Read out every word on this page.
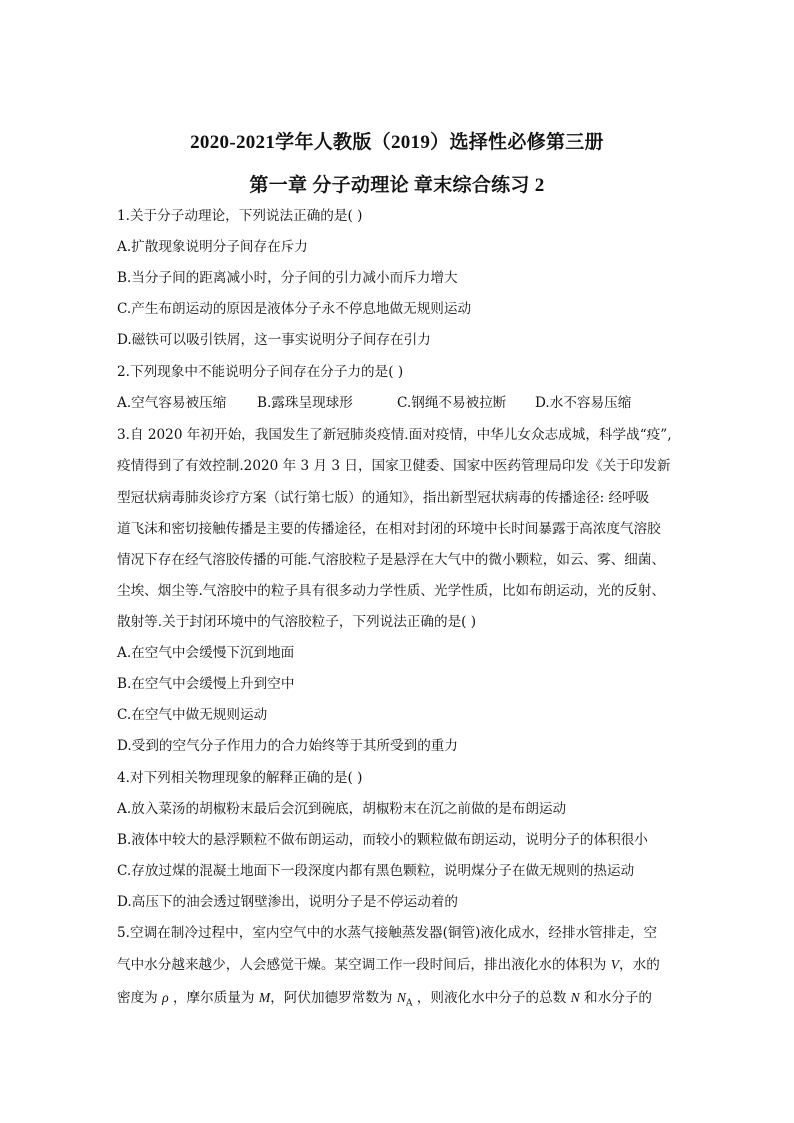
2020-2021学年人教版（2019）选择性必修第三册
第一章 分子动理论 章末综合练习 2
1.关于分子动理论，下列说法正确的是( )
A.扩散现象说明分子间存在斥力
B.当分子间的距离减小时，分子间的引力减小而斥力增大
C.产生布朗运动的原因是液体分子永不停息地做无规则运动
D.磁铁可以吸引铁屑，这一事实说明分子间存在引力
2.下列现象中不能说明分子间存在分子力的是( )
A.空气容易被压缩 B.露珠呈现球形	C.钢绳不易被拉断 D.水不容易压缩
3.自 2020 年初开始，我国发生了新冠肺炎疫情.面对疫情，中华儿女众志成城，科学战“疫”,
疫情得到了有效控制.2020 年 3 月 3 日，国家卫健委、国家中医药管理局印发《关于印发新
型冠状病毒肺炎诊疗方案（试行第七版）的通知》，指出新型冠状病毒的传播途径: 经呼吸
道飞沫和密切接触传播是主要的传播途径，在相对封闭的环境中长时间暴露于高浓度气溶胶
情况下存在经气溶胶传播的可能.气溶胶粒子是悬浮在大气中的微小颗粒，如云、雾、细菌、
尘埃、烟尘等.气溶胶中的粒子具有很多动力学性质、光学性质，比如布朗运动，光的反射、
散射等.关于封闭环境中的气溶胶粒子，下列说法正确的是( )
A.在空气中会缓慢下沉到地面
B.在空气中会缓慢上升到空中
C.在空气中做无规则运动
D.受到的空气分子作用力的合力始终等于其所受到的重力
4.对下列相关物理现象的解释正确的是( )
A.放入菜汤的胡椒粉末最后会沉到碗底，胡椒粉末在沉之前做的是布朗运动
B.液体中较大的悬浮颗粒不做布朗运动，而较小的颗粒做布朗运动，说明分子的体积很小
C.存放过煤的混凝土地面下一段深度内都有黑色颗粒，说明煤分子在做无规则的热运动
D.高压下的油会透过钢壁渗出，说明分子是不停运动着的
5.空调在制冷过程中，室内空气中的水蒸气接触蒸发器(铜管)液化成水，经排水管排走，空
气中水分越来越少，人会感觉干燥。某空调工作一段时间后，排出液化水的体积为 V，水的
密度为 ρ ，摩尔质量为 M，阿伏加德罗常数为 $N_A$ ，则液化水中分子的总数 N 和水分子的
